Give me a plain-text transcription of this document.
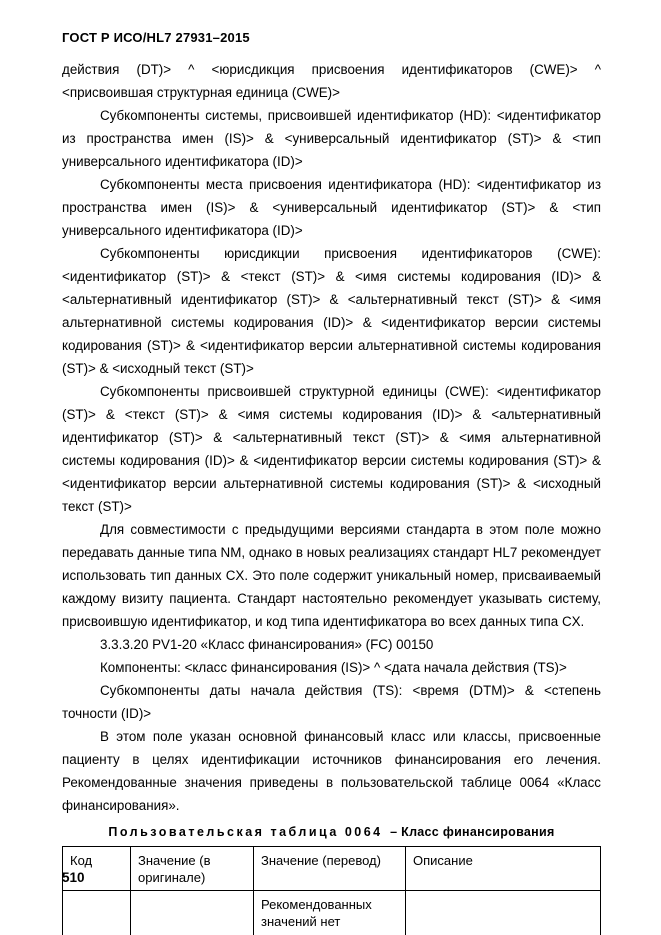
ГОСТ Р ИСО/HL7 27931–2015

действия (DT)> ^ <юрисдикция присвоения идентификаторов (CWE)> ^ <присвоившая структурная единица (CWE)>

Субкомпоненты системы, присвоившей идентификатор (HD): <идентификатор из пространства имен (IS)> & <универсальный идентификатор (ST)> & <тип универсального идентификатора (ID)>

Субкомпоненты места присвоения идентификатора (HD): <идентификатор из пространства имен (IS)> & <универсальный идентификатор (ST)> & <тип универсального идентификатора (ID)>

Субкомпоненты юрисдикции присвоения идентификаторов (CWE): <идентификатор (ST)> & <текст (ST)> & <имя системы кодирования (ID)> & <альтернативный идентификатор (ST)> & <альтернативный текст (ST)> & <имя альтернативной системы кодирования (ID)> & <идентификатор версии системы кодирования (ST)> & <идентификатор версии альтернативной системы кодирования (ST)> & <исходный текст (ST)>

Субкомпоненты присвоившей структурной единицы (CWE): <идентификатор (ST)> & <текст (ST)> & <имя системы кодирования (ID)> & <альтернативный идентификатор (ST)> & <альтернативный текст (ST)> & <имя альтернативной системы кодирования (ID)> & <идентификатор версии системы кодирования (ST)> & <идентификатор версии альтернативной системы кодирования (ST)> & <исходный текст (ST)>

Для совместимости с предыдущими версиями стандарта в этом поле можно передавать данные типа NM, однако в новых реализациях стандарт HL7 рекомендует использовать тип данных CX. Это поле содержит уникальный номер, присваиваемый каждому визиту пациента. Стандарт настоятельно рекомендует указывать систему, присвоившую идентификатор, и код типа идентификатора во всех данных типа CX.

3.3.3.20 PV1-20 «Класс финансирования» (FC) 00150

Компоненты: <класс финансирования (IS)> ^ <дата начала действия (TS)>

Субкомпоненты даты начала действия (TS): <время (DTM)> & <степень точности (ID)>

В этом поле указан основной финансовый класс или классы, присвоенные пациенту в целях идентификации источников финансирования его лечения. Рекомендованные значения приведены в пользовательской таблице 0064 «Класс финансирования».

Пользовательская таблица 0064 – Класс финансирования
Код	Значение (в оригинале)	Значение (перевод)	Описание
		Рекомендованных значений нет	
510
